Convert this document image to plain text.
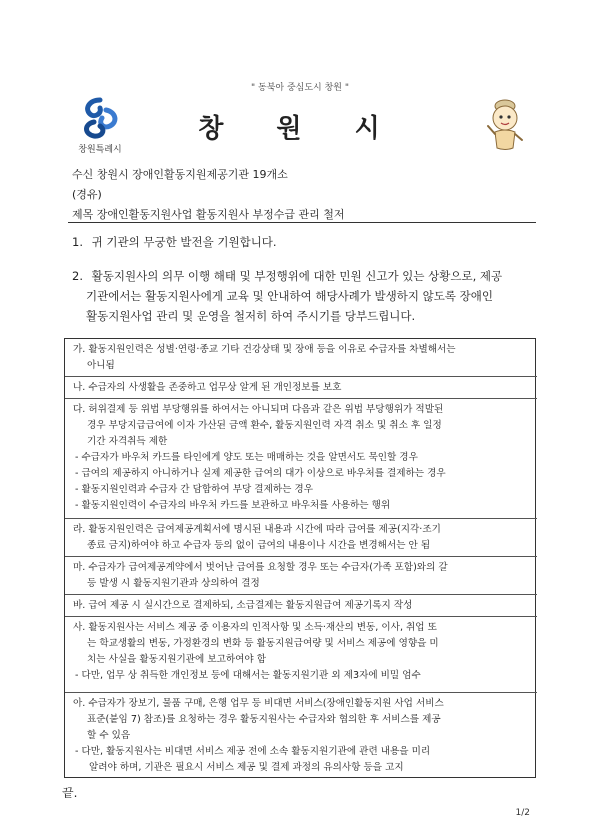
" 동북아 중심도시 창원 "
창원특례시
창 원 시
수신 창원시 장애인활동지원제공기관 19개소
(경유)
제목 장애인활동지원사업 활동지원사 부정수급 관리 철저
1. 귀 기관의 무궁한 발전을 기원합니다.
2. 활동지원사의 의무 이행 해태 및 부정행위에 대한 민원 신고가 있는 상황으로, 제공
기관에서는 활동지원사에게 교육 및 안내하여 해당사례가 발생하지 않도록 장애인
활동지원사업 관리 및 운영을 철저히 하여 주시기를 당부드립니다.
가. 활동지원인력은 성별·연령·종교 기타 건강상태 및 장애 등을 이유로 수급자를 차별해서는
아니됨
나. 수급자의 사생활을 존중하고 업무상 알게 된 개인정보를 보호
다. 허위결제 등 위법 부당행위를 하여서는 아니되며 다음과 같은 위법 부당행위가 적발된
경우 부당지급급여에 이자 가산된 금액 환수, 활동지원인력 자격 취소 및 취소 후 일정
기간 자격취득 제한
- 수급자가 바우처 카드를 타인에게 양도 또는 매매하는 것을 알면서도 묵인할 경우
- 급여의 제공하지 아니하거나 실제 제공한 급여의 대가 이상으로 바우처를 결제하는 경우
- 활동지원인력과 수급자 간 담합하여 부당 결제하는 경우
- 활동지원인력이 수급자의 바우처 카드를 보관하고 바우처를 사용하는 행위
라. 활동지원인력은 급여제공계획서에 명시된 내용과 시간에 따라 급여를 제공(지각·조기
종료 금지)하여야 하고 수급자 등의 없이 급여의 내용이나 시간을 변경해서는 안 됨
마. 수급자가 급여제공계약에서 벗어난 급여를 요청할 경우 또는 수급자(가족 포함)와의 갈
등 발생 시 활동지원기관과 상의하여 결정
바. 급여 제공 시 실시간으로 결제하되, 소급결제는 활동지원급여 제공기록지 작성
사. 활동지원사는 서비스 제공 중 이용자의 인적사항 및 소득·재산의 변동, 이사, 취업 또
는 학교생활의 변동, 가정환경의 변화 등 활동지원급여량 및 서비스 제공에 영향을 미
치는 사실을 활동지원기관에 보고하여야 함
- 다만, 업무 상 취득한 개인정보 등에 대해서는 활동지원기관 외 제3자에 비밀 엄수
아. 수급자가 장보기, 물품 구매, 은행 업무 등 비대면 서비스(장애인활동지원 사업 서비스
표준(붙임 7) 참조)를 요청하는 경우 활동지원사는 수급자와 협의한 후 서비스를 제공
할 수 있음
- 다만, 활동지원사는 비대면 서비스 제공 전에 소속 활동지원기관에 관련 내용을 미리
알려야 하며, 기관은 필요시 서비스 제공 및 결제 과정의 유의사항 등을 고지
끝.
1/2
